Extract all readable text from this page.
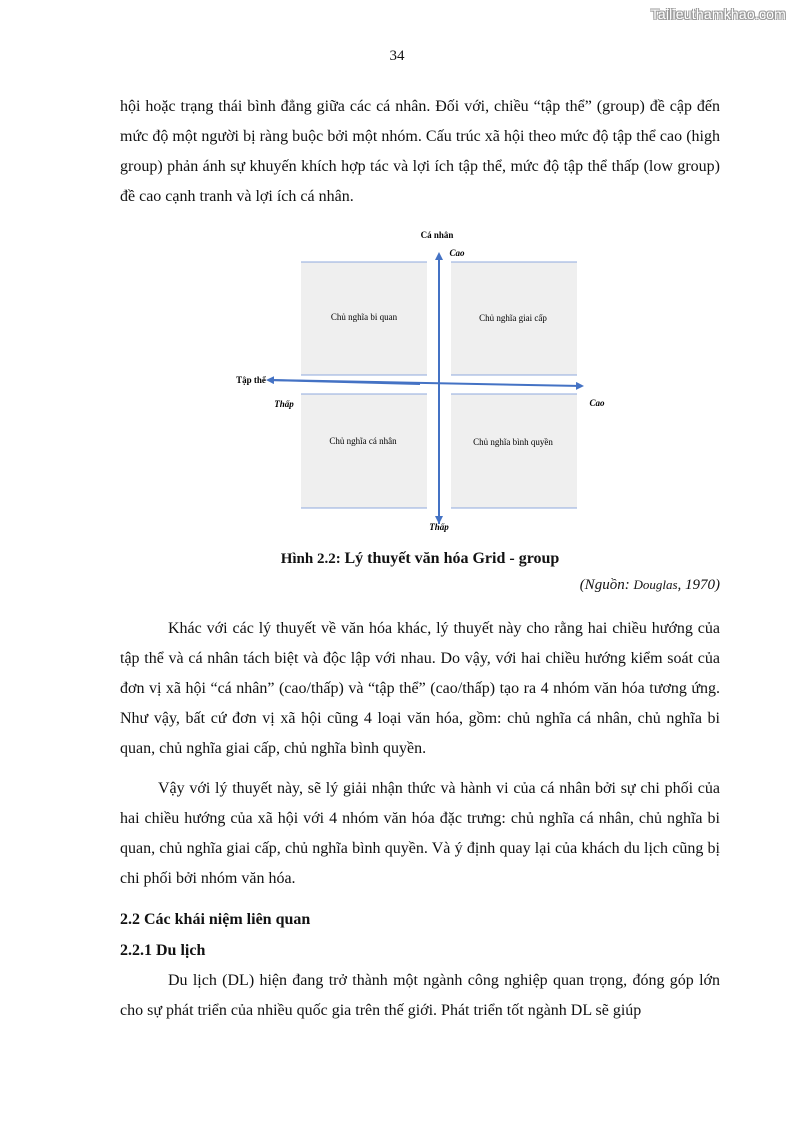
Tailieuthamkhao.com
34

hội hoặc trạng thái bình đẳng giữa các cá nhân. Đối với, chiều “tập thể” (group) đề cập đến mức độ một người bị ràng buộc bởi một nhóm. Cấu trúc xã hội theo mức độ tập thể cao (high group) phản ánh sự khuyến khích hợp tác và lợi ích tập thể, mức độ tập thể thấp (low group) đề cao cạnh tranh và lợi ích cá nhân.

Cá nhân
Cao
Thấp
Tập thể
Thấp	Cao
Chủ nghĩa bi quan	Chủ nghĩa giai cấp
Chủ nghĩa cá nhân	Chủ nghĩa bình quyền
Hình 2.2: Lý thuyết văn hóa Grid - group
(Nguồn: Douglas, 1970)

Khác với các lý thuyết về văn hóa khác, lý thuyết này cho rằng hai chiều hướng của tập thể và cá nhân tách biệt và độc lập với nhau. Do vậy, với hai chiều hướng kiểm soát của đơn vị xã hội “cá nhân” (cao/thấp) và “tập thể” (cao/thấp) tạo ra 4 nhóm văn hóa tương ứng. Như vậy, bất cứ đơn vị xã hội cũng 4 loại văn hóa, gồm: chủ nghĩa cá nhân, chủ nghĩa bi quan, chủ nghĩa giai cấp, chủ nghĩa bình quyền.

Vậy với lý thuyết này, sẽ lý giải nhận thức và hành vi của cá nhân bởi sự chi phối của hai chiều hướng của xã hội với 4 nhóm văn hóa đặc trưng: chủ nghĩa cá nhân, chủ nghĩa bi quan, chủ nghĩa giai cấp, chủ nghĩa bình quyền. Và ý định quay lại của khách du lịch cũng bị chi phối bởi nhóm văn hóa.

2.2 Các khái niệm liên quan
2.2.1 Du lịch

Du lịch (DL) hiện đang trở thành một ngành công nghiệp quan trọng, đóng góp lớn cho sự phát triển của nhiều quốc gia trên thế giới. Phát triển tốt ngành DL sẽ giúp
